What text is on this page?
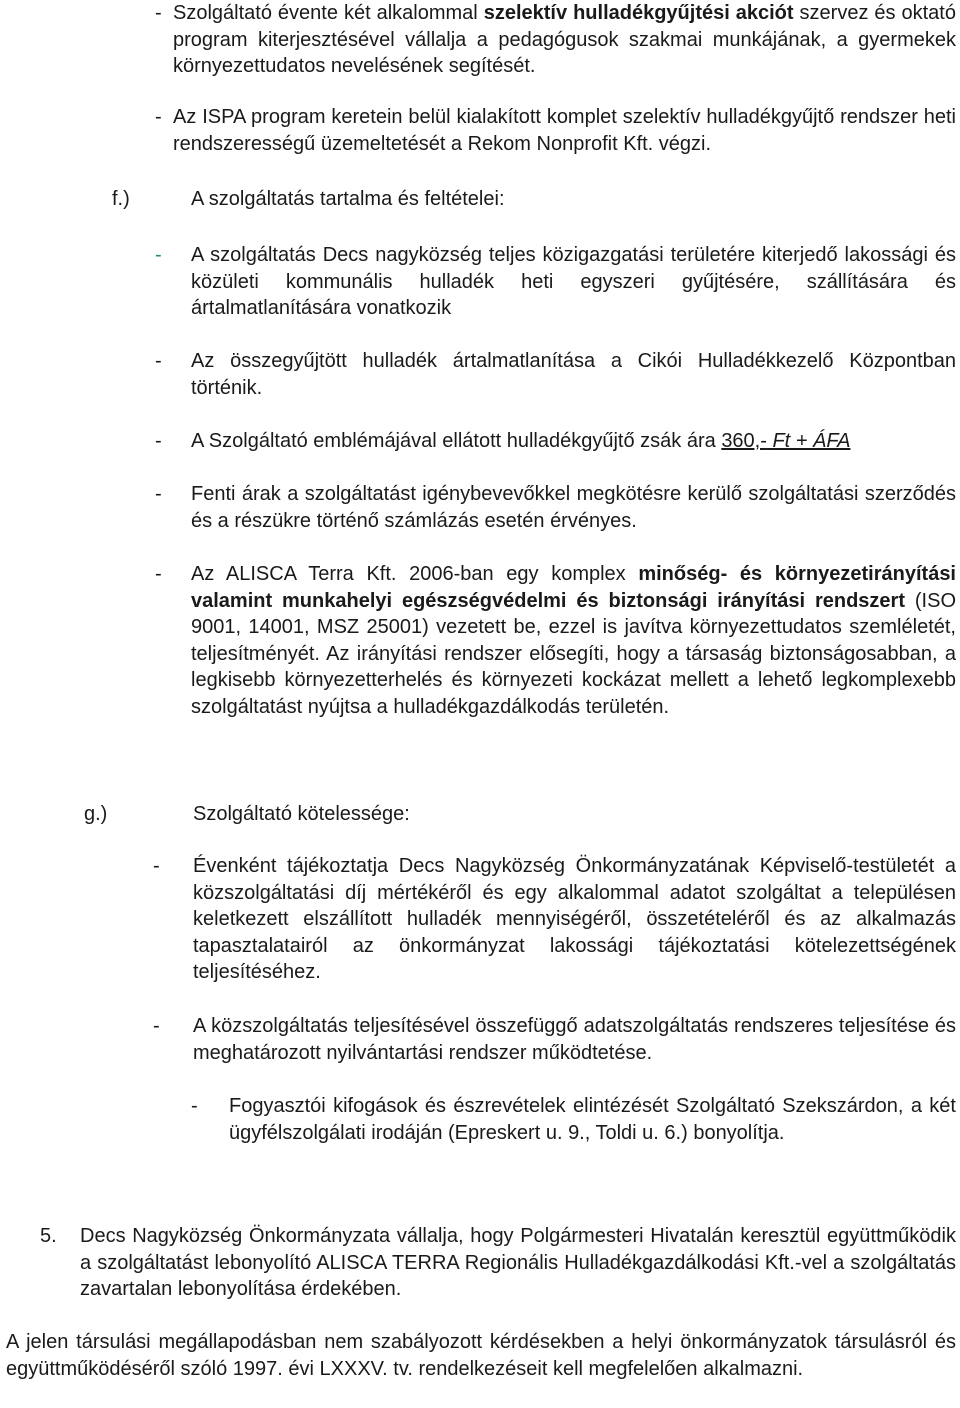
- Szolgáltató évente két alkalommal szelektív hulladékgyűjtési akciót szervez és oktató program kiterjesztésével vállalja a pedagógusok szakmai munkájának, a gyermekek környezettudatos nevelésének segítését.

- Az ISPA program keretein belül kialakított komplet szelektív hulladékgyűjtő rendszer heti rendszerességű üzemeltetését a Rekom Nonprofit Kft. végzi.

f.)	A szolgáltatás tartalma és feltételei:

- A szolgáltatás Decs nagyközség teljes közigazgatási területére kiterjedő lakossági és közületi kommunális hulladék heti egyszeri gyűjtésére, szállítására és ártalmatlanítására vonatkozik

- Az összegyűjtött hulladék ártalmatlanítása a Cikói Hulladékkezelő Központban történik.

- A Szolgáltató emblémájával ellátott hulladékgyűjtő zsák ára 360,- Ft + ÁFA

- Fenti árak a szolgáltatást igénybevevőkkel megkötésre kerülő szolgáltatási szerződés és a részükre történő számlázás esetén érvényes.

- Az ALISCA Terra Kft. 2006-ban egy komplex minőség- és környezetirányítási valamint munkahelyi egészségvédelmi és biztonsági irányítási rendszert (ISO 9001, 14001, MSZ 25001) vezetett be, ezzel is javítva környezettudatos szemléletét, teljesítményét. Az irányítási rendszer elősegíti, hogy a társaság biztonságosabban, a legkisebb környezetterhelés és környezeti kockázat mellett a lehető legkomplexebb szolgáltatást nyújtsa a hulladékgazdálkodás területén.

g.)	Szolgáltató kötelessége:

- Évenként tájékoztatja Decs Nagyközség Önkormányzatának Képviselő-testületét a közszolgáltatási díj mértékéről és egy alkalommal adatot szolgáltat a településen keletkezett elszállított hulladék mennyiségéről, összetételéről és az alkalmazás tapasztalatairól az önkormányzat lakossági tájékoztatási kötelezettségének teljesítéséhez.

- A közszolgáltatás teljesítésével összefüggő adatszolgáltatás rendszeres teljesítése és meghatározott nyilvántartási rendszer működtetése.

- Fogyasztói kifogások és észrevételek elintézését Szolgáltató Szekszárdon, a két ügyfélszolgálati irodáján (Epreskert u. 9., Toldi u. 6.) bonyolítja.

5. Decs Nagyközség Önkormányzata vállalja, hogy Polgármesteri Hivatalán keresztül együttműködik a szolgáltatást lebonyolító ALISCA TERRA Regionális Hulladékgazdálkodási Kft.-vel a szolgáltatás zavartalan lebonyolítása érdekében.

A jelen társulási megállapodásban nem szabályozott kérdésekben a helyi önkormányzatok társulásról és együttműködéséről szóló 1997. évi LXXXV. tv. rendelkezéseit kell megfelelően alkalmazni.
